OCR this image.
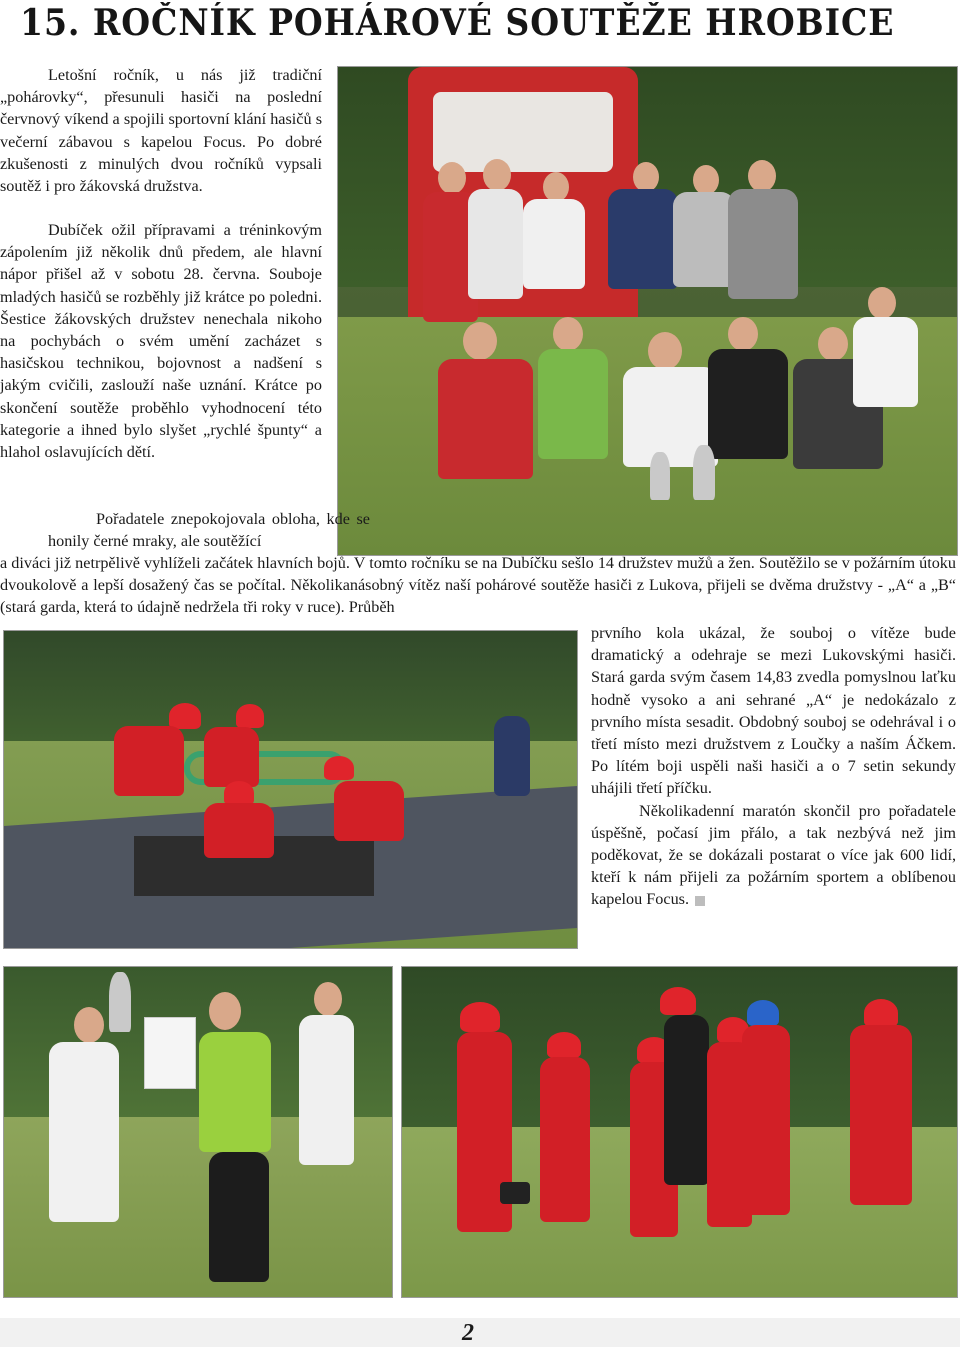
15. ROČNÍK POHÁROVÉ SOUTĚŽE HROBICE

Letošní ročník, u nás již tradiční „pohárovky“, přesunuli hasiči na poslední červnový víkend a spojili sportovní klání hasičů s večerní zábavou s kapelou Focus. Po dobré zkušenosti z minulých dvou ročníků vypsali soutěž i pro žákovská družstva.
Dubíček ožil přípravami a tréninkovým zápolením již několik dnů předem, ale hlavní nápor přišel až v sobotu 28. června. Souboje mladých hasičů se rozběhly již krátce po poledni. Šestice žákovských družstev nenechala nikoho na pochybách o svém umění zacházet s hasičskou technikou, bojovnost a nadšení s jakým cvičili, zaslouží naše uznání. Krátce po skončení soutěže proběhlo vyhodnocení této kategorie a ihned bylo slyšet „rychlé špunty“ a hlahol oslavujících dětí.
Pořadatele znepokojovala obloha, kde se honily černé mraky, ale soutěžící
a diváci již netrpělivě vyhlíželi začátek hlavních bojů. V tomto ročníku se na Dubíčku sešlo 14 družstev mužů a žen. Soutěžilo se v požárním útoku dvoukolově a lepší dosažený čas se počítal. Několikanásobný vítěz naší pohárové soutěže hasiči z Lukova, přijeli se dvěma družstvy - „A“ a „B“ (stará garda, která to údajně nedržela tři roky v ruce). Průběh
prvního kola ukázal, že souboj o vítěze bude dramatický a odehraje se mezi Lukovskými hasiči. Stará garda svým časem 14,83 zvedla pomyslnou laťku hodně vysoko a ani sehrané „A“ je nedokázalo z prvního místa sesadit. Obdobný souboj se odehrával i o třetí místo mezi družstvem z Loučky a naším Áčkem. Po lítém boji uspěli naši hasiči a o 7 setin sekundy uhájili třetí příčku.
Několikadenní maratón skončil pro pořadatele úspěšně, počasí jim přálo, a tak nezbývá než jim poděkovat, že se dokázali postarat o více jak 600 lidí, kteří k nám přijeli za požárním sportem a oblíbenou kapelou Focus.
2
